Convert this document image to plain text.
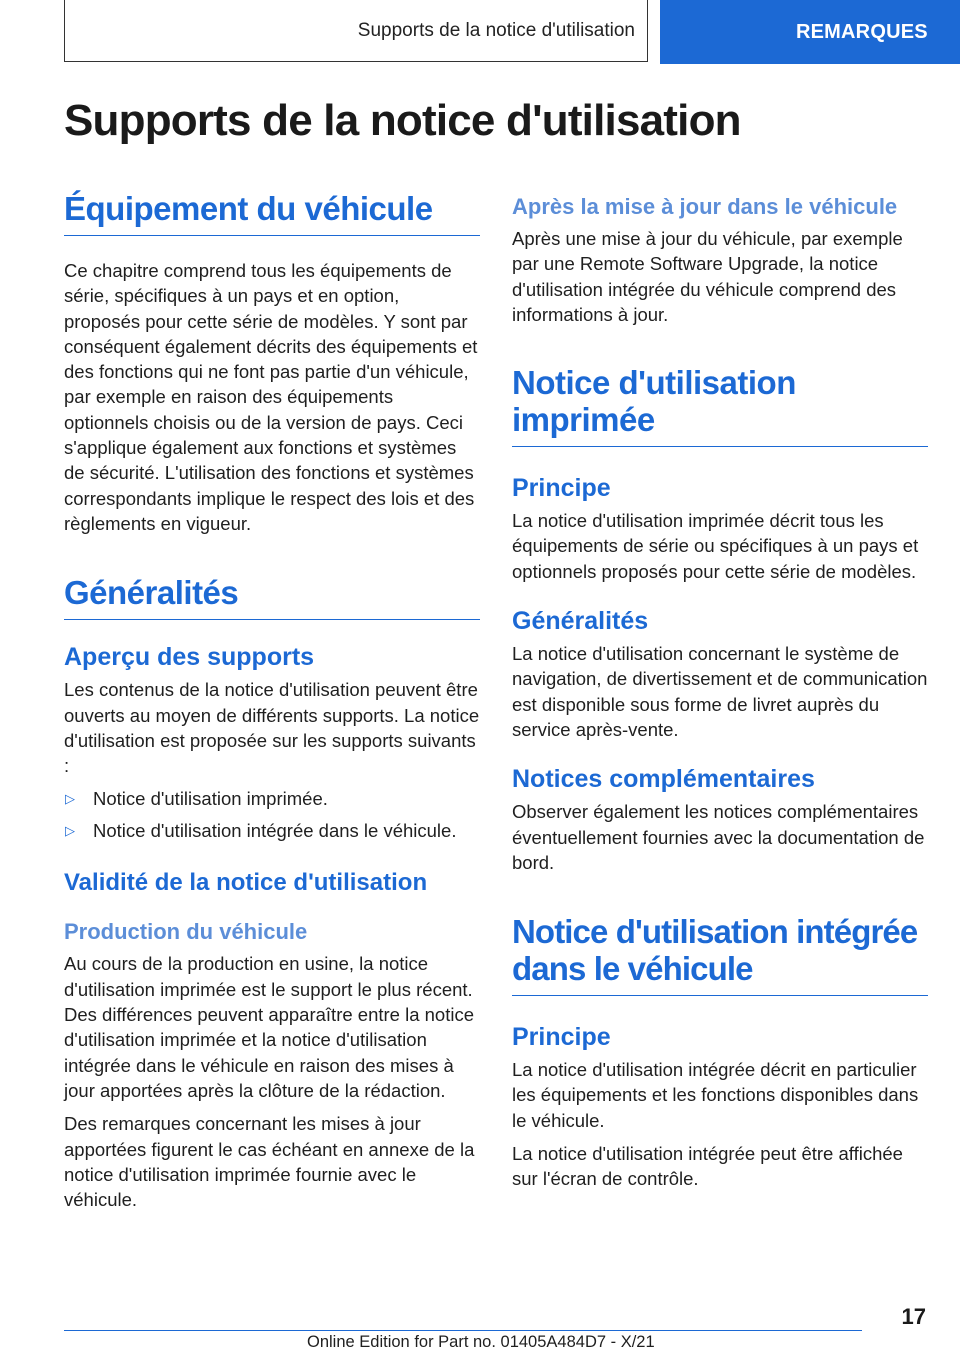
Supports de la notice d'utilisation	REMARQUES
Supports de la notice d'utilisation
Équipement du véhicule

Ce chapitre comprend tous les équipements de série, spécifiques à un pays et en option, proposés pour cette série de modèles. Y sont par conséquent également décrits des équipements et des fonctions qui ne font pas partie d'un véhicule, par exemple en raison des équipements optionnels choisis ou de la version de pays. Ceci s'applique également aux fonctions et systèmes de sécurité. L'utilisation des fonctions et systèmes correspondants implique le respect des lois et des règlements en vigueur.

Généralités
Aperçu des supports

Les contenus de la notice d'utilisation peuvent être ouverts au moyen de différents supports. La notice d'utilisation est proposée sur les supports suivants :

▷ Notice d'utilisation imprimée.
▷ Notice d'utilisation intégrée dans le véhicule.
Validité de la notice d'utilisation
Production du véhicule

Au cours de la production en usine, la notice d'utilisation imprimée est le support le plus récent. Des différences peuvent apparaître entre la notice d'utilisation imprimée et la notice d'utilisation intégrée dans le véhicule en raison des mises à jour apportées après la clôture de la rédaction.

Des remarques concernant les mises à jour apportées figurent le cas échéant en annexe de la notice d'utilisation imprimée fournie avec le véhicule.

Après la mise à jour dans le véhicule

Après une mise à jour du véhicule, par exemple par une Remote Software Upgrade, la notice d'utilisation intégrée du véhicule comprend des informations à jour.

Notice d'utilisation
imprimée
Principe

La notice d'utilisation imprimée décrit tous les équipements de série ou spécifiques à un pays et optionnels proposés pour cette série de modèles.

Généralités

La notice d'utilisation concernant le système de navigation, de divertissement et de communication est disponible sous forme de livret auprès du service après-vente.

Notices complémentaires

Observer également les notices complémentaires éventuellement fournies avec la documentation de bord.

Notice d'utilisation intégrée
dans le véhicule
Principe

La notice d'utilisation intégrée décrit en particulier les équipements et les fonctions disponibles dans le véhicule.

La notice d'utilisation intégrée peut être affichée sur l'écran de contrôle.

17
Online Edition for Part no. 01405A484D7 - X/21
